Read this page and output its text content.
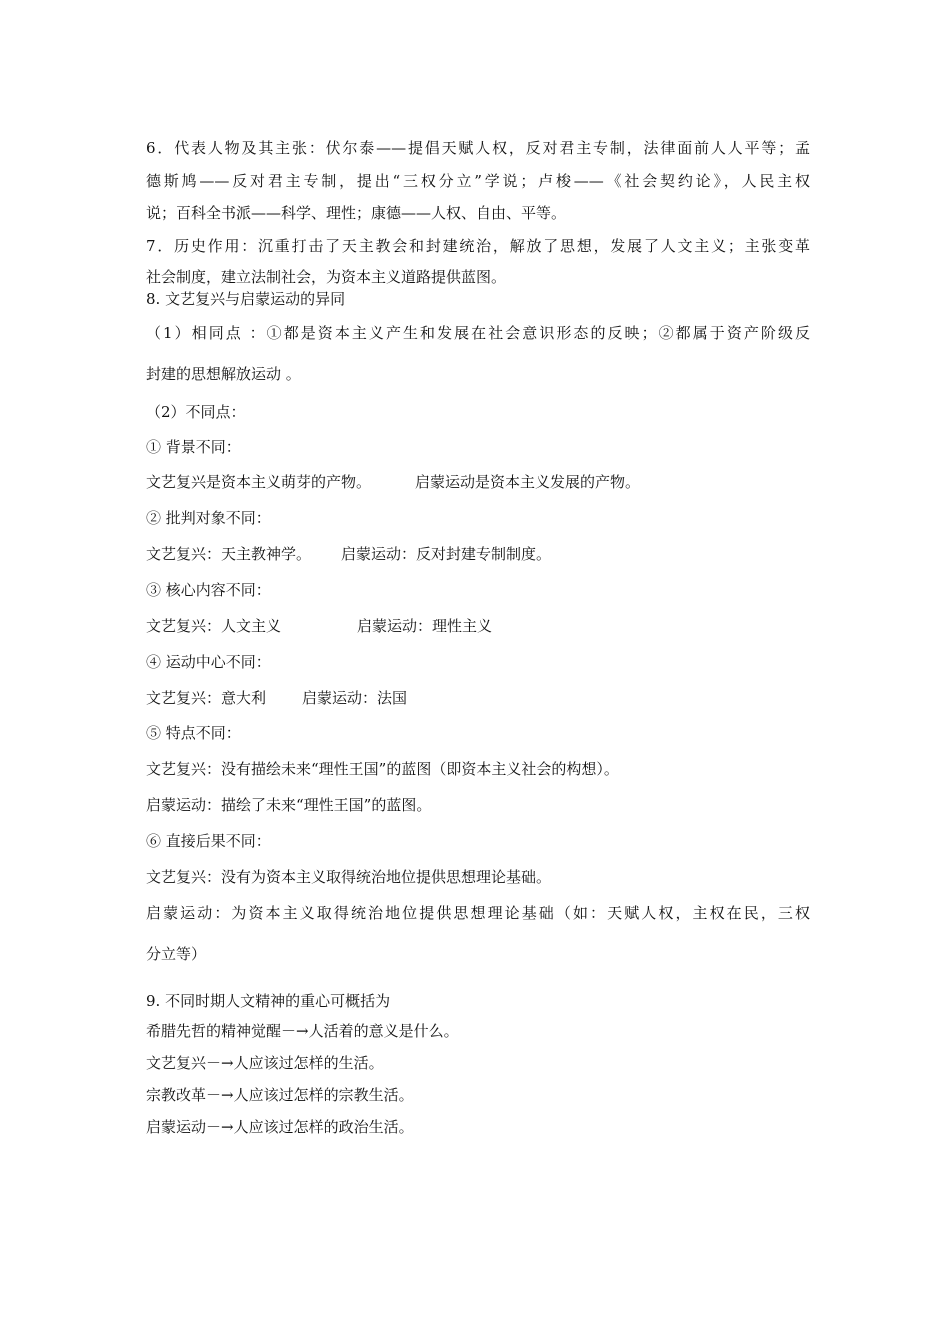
6．代表人物及其主张：伏尔泰——提倡天赋人权，反对君主专制，法律面前人人平等；孟
德斯鸠——反对君主专制，提出“三权分立”学说；卢梭——《社会契约论》，人民主权
说；百科全书派——科学、理性；康德——人权、自由、平等。
7．历史作用：沉重打击了天主教会和封建统治，解放了思想，发展了人文主义；主张变革
社会制度，建立法制社会，为资本主义道路提供蓝图。
8. 文艺复兴与启蒙运动的异同
（1）相同点 ：①都是资本主义产生和发展在社会意识形态的反映；②都属于资产阶级反
封建的思想解放运动 。
（2）不同点：
① 背景不同：
文艺复兴是资本主义萌芽的产物。	启蒙运动是资本主义发展的产物。
② 批判对象不同：
文艺复兴：天主教神学。 启蒙运动：反对封建专制制度。
③ 核心内容不同：
文艺复兴：人文主义	启蒙运动：理性主义
④ 运动中心不同：
文艺复兴：意大利 启蒙运动：法国
⑤ 特点不同：
文艺复兴：没有描绘未来“理性王国”的蓝图（即资本主义社会的构想）。
启蒙运动：描绘了未来“理性王国”的蓝图。
⑥ 直接后果不同：
文艺复兴：没有为资本主义取得统治地位提供思想理论基础。
启蒙运动：为资本主义取得统治地位提供思想理论基础（如：天赋人权，主权在民，三权
分立等）
9. 不同时期人文精神的重心可概括为
希腊先哲的精神觉醒－→人活着的意义是什么。
文艺复兴－→人应该过怎样的生活。
宗教改革－→人应该过怎样的宗教生活。
启蒙运动－→人应该过怎样的政治生活。
